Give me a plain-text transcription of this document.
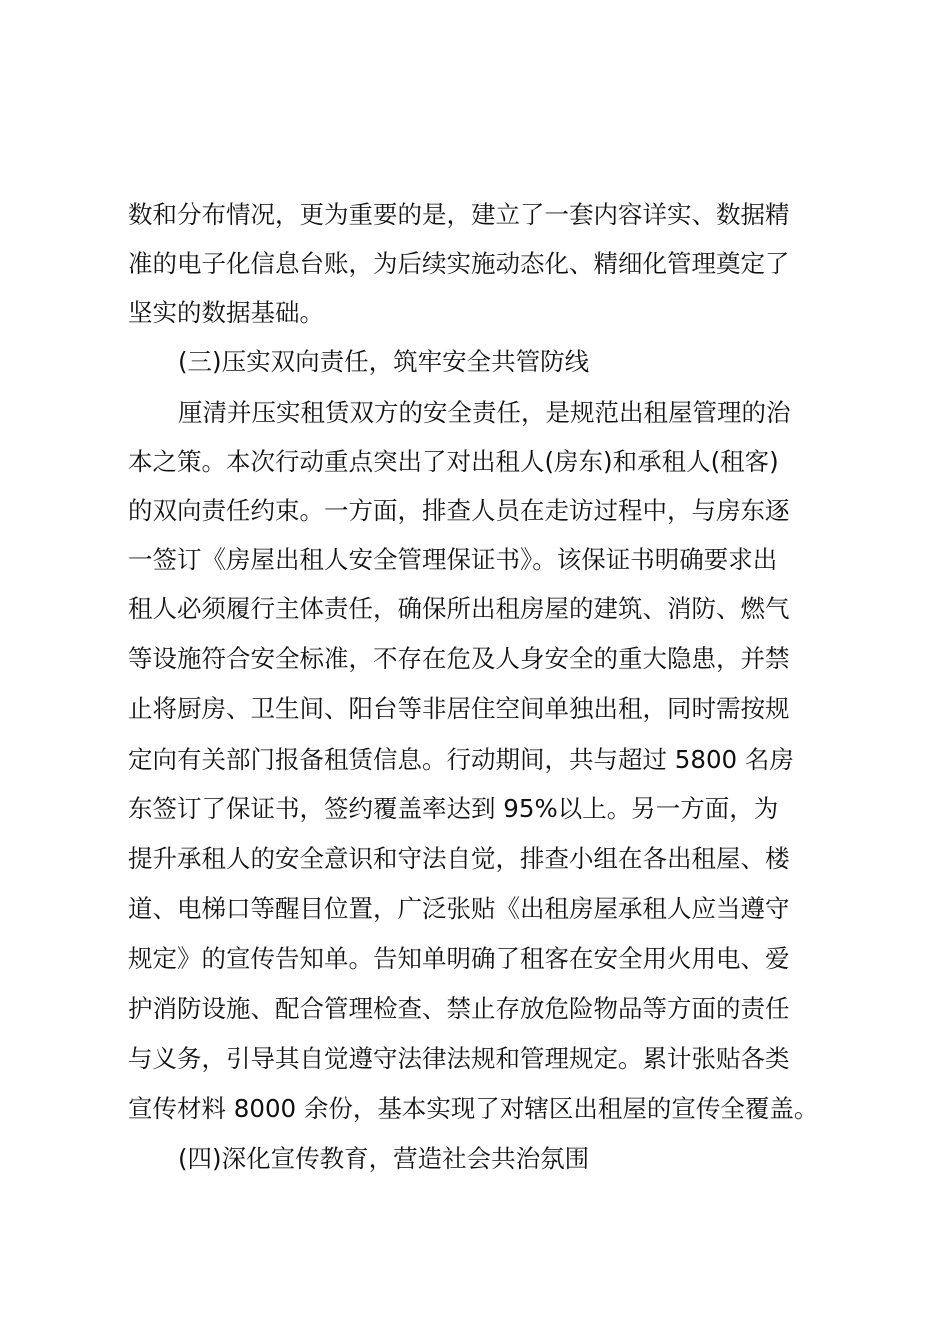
数和分布情况，更为重要的是，建立了一套内容详实、数据精
准的电子化信息台账，为后续实施动态化、精细化管理奠定了
坚实的数据基础。
(三)压实双向责任，筑牢安全共管防线
厘清并压实租赁双方的安全责任，是规范出租屋管理的治
本之策。本次行动重点突出了对出租人(房东)和承租人(租客)
的双向责任约束。一方面，排查人员在走访过程中，与房东逐
一签订《房屋出租人安全管理保证书》。该保证书明确要求出
租人必须履行主体责任，确保所出租房屋的建筑、消防、燃气
等设施符合安全标准，不存在危及人身安全的重大隐患，并禁
止将厨房、卫生间、阳台等非居住空间单独出租，同时需按规
定向有关部门报备租赁信息。行动期间，共与超过 5800 名房
东签订了保证书，签约覆盖率达到 95%以上。另一方面，为
提升承租人的安全意识和守法自觉，排查小组在各出租屋、楼
道、电梯口等醒目位置，广泛张贴《出租房屋承租人应当遵守
规定》的宣传告知单。告知单明确了租客在安全用火用电、爱
护消防设施、配合管理检查、禁止存放危险物品等方面的责任
与义务，引导其自觉遵守法律法规和管理规定。累计张贴各类
宣传材料 8000 余份，基本实现了对辖区出租屋的宣传全覆盖。
(四)深化宣传教育，营造社会共治氛围
